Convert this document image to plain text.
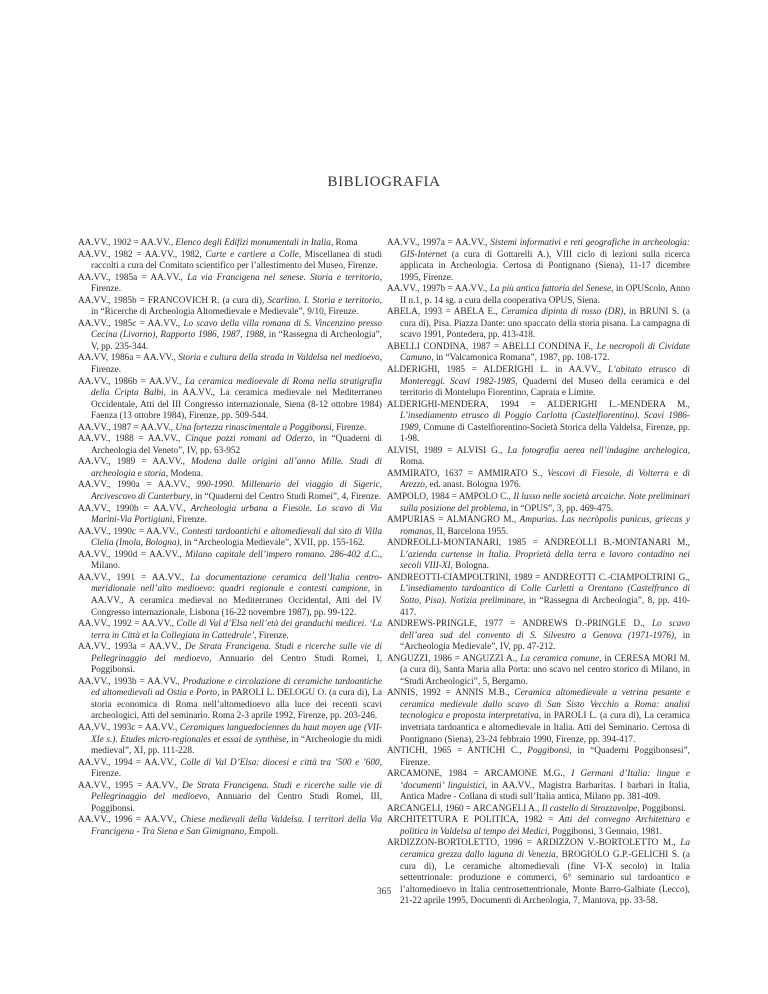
BIBLIOGRAFIA

AA.VV., 1902 = AA.VV., Elenco degli Edifizi monumentali in Italia, Roma

AA.VV., 1982 = AA.VV., 1982, Carte e cartiere a Colle, Miscellanea di studi raccolti a cura del Comitato scientifico per l’allestimento del Museo, Firenze.

AA.VV., 1985a = AA.VV., La via Francigena nel senese. Storia e territorio, Firenze.

AA.VV., 1985b = FRANCOVICH R. (a cura di), Scarlino. I. Storia e territorio, in “Ricerche di Archeologia Altomedievale e Medievale”, 9/10, Firenze.

AA.VV., 1985c = AA.VV., Lo scavo della villa romana di S. Vincenzino presso Cecina (Livorno), Rapporto 1986, 1987, 1988, in “Rassegna di Archeologia”, V, pp. 235-344.

AA.VV, 1986a = AA.VV., Storia e cultura della strada in Valdelsa nel medioevo, Firenze.

AA.VV., 1986b = AA.VV., La ceramica medioevale di Roma nella stratigrafia della Cripta Balbi, in AA.VV., La ceramica medievale nel Mediterraneo Occidentale, Atti del III Congresso internazionale, Siena (8-12 ottobre 1984) Faenza (13 ottobre 1984), Firenze, pp. 509-544.

AA.VV., 1987 = AA.VV., Una fortezza rinascimentale a Poggibonsi, Firenze.

AA.VV., 1988 = AA.VV., Cinque pozzi romani ad Oderzo, in “Quaderni di Archeologia del Veneto”, IV, pp. 63-952

AA.VV., 1989 = AA.VV., Modena dalle origini all’anno Mille. Studi di archeologia e storia, Modena.

AA.VV., 1990a = AA.VV., 990-1990. Millenario del viaggio di Sigeric, Arcivescovo di Canterbury, in “Quaderni del Centro Studi Romei”, 4, Firenze.

AA.VV., 1990b = AA.VV., Archeologia urbana a Fiesole. Lo scavo di Via Marini-Via Portigiani, Firenze.

AA.VV., 1990c = AA.VV., Contesti tardoantichi e altomedievali dal sito di Villa Clelia (Imola, Bologna), in “Archeologia Medievale”, XVII, pp. 155-162.

AA.VV., 1990d = AA.VV., Milano capitale dell’impero romano. 286-402 d.C., Milano.

AA.VV., 1991 = AA.VV., La documentazione ceramica dell’Italia centro-meridionale nell’alto medioevo: quadri regionale e contesti campione, in AA.VV., A ceramica medieval no Mediterraneo Occidental, Atti del IV Congresso internazionale, Lisbona (16-22 novembre 1987), pp. 99-122.

AA.VV., 1992 = AA.VV., Colle di Val d’Elsa nell’età dei granduchi medicei. ‘La terra in Città et la Collegiata in Cattedrale’, Firenze.

AA.VV., 1993a = AA.VV., De Strata Francigena. Studi e ricerche sulle vie di Pellegrinaggio del medioevo, Annuario del Centro Studi Romei, I, Poggibonsi.

AA.VV., 1993b = AA.VV., Produzione e circolazione di ceramiche tardoantiche ed altomedievali ad Ostia e Porto, in PAROLI L. DELOGU O. (a cura di), La storia economica di Roma nell’altomedioevo alla luce dei recenti scavi archeologici, Atti del seminario. Roma 2-3 aprile 1992, Firenze, pp. 203-246.

AA.VV., 1993c = AA.VV., Ceramiques languedociennes du haut moyen age (VII-XIe s.). Etudes micro-regionales et essai de synthèse, in “Archeologie du midi medieval”, XI, pp. 111-228.

AA.VV., 1994 = AA.VV., Colle di Val D’Elsa: diocesi e città tra ’500 e ’600, Firenze.

AA.VV., 1995 = AA.VV., De Strata Francigena. Studi e ricerche sulle vie di Pellegrinaggio del medioevo, Annuario del Centro Studi Romei, III, Poggibonsi.

AA.VV., 1996 = AA.VV., Chiese medievali della Valdelsa. I territori della Via Francigena - Tra Siena e San Gimignano, Empoli.

AA.VV., 1997a = AA.VV., Sistemi informativi e reti geografiche in archeologia: GIS-Internet (a cura di Gottarelli A.), VIII ciclo di lezioni sulla ricerca applicata in Archeologia. Certosa di Pontignano (Siena), 11-17 dicembre 1995, Firenze.

AA.VV., 1997b = AA.VV., La più antica fattoria del Senese, in OPUScolo, Anno II n.1, p. 14 sg. a cura della cooperativa OPUS, Siena.

ABELA, 1993 = ABELA E., Ceramica dipinta di rosso (DR), in BRUNI S. (a cura di), Pisa. Piazza Dante: uno spaccato della storia pisana. La campagna di scavo 1991, Pontedera, pp. 413-418.

ABELLI CONDINA, 1987 = ABELLI CONDINA F., Le necropoli di Cividate Camuno, in “Valcamonica Romana”, 1987, pp. 108-172.

ALDERIGHI, 1985 = ALDERIGHI L. in AA.VV., L’abitato etrusco di Montereggi. Scavi 1982-1985, Quaderni del Museo della ceramica e del territorio di Montelupo Fiorentino, Capraia e Limite.

ALDERIGHI-MENDERA, 1994 = ALDERIGHI L.-MENDERA M., L’insediamento etrusco di Poggio Carlotta (Castelfiorentino). Scavi 1986-1989, Comune di Castelfiorentino-Società Storica della Valdelsa, Firenze, pp. 1-98.

ALVISI, 1989 = ALVISI G., La fotografia aerea nell’indagine archelogica, Roma.

AMMIRATO, 1637 = AMMIRATO S., Vescovi di Fiesole, di Volterra e di Arezzo, ed. anast. Bologna 1976.

AMPOLO, 1984 = AMPOLO C., Il lusso nelle società arcaiche. Note preliminari sulla posizione del problema, in “OPUS”, 3, pp. 469-475.

AMPURIAS = ALMANGRO M., Ampurias. Las necròpolis punicas, griecas y romanas, II, Barcelona 1955.

ANDREOLLI-MONTANARI, 1985 = ANDREOLLI B.-MONTANARI M., L’azienda curtense in Italia. Proprietà della terra e lavoro contadino nei secoli VIII-XI, Bologna.

ANDREOTTI-CIAMPOLTRINI, 1989 = ANDREOTTI C.-CIAMPOLTRINI G., L’insediamento tardoantico di Colle Carletti a Orentano (Castelfranco di Sotto, Pisa). Notizia preliminare, in “Rassegna di Archeologia”, 8, pp. 410-417.

ANDREWS-PRINGLE, 1977 = ANDREWS D.-PRINGLE D., Lo scavo dell’area sud del convento di S. Silvestro a Genova (1971-1976), in “Archeologia Medievale”, IV, pp. 47-212.

ANGUZZI, 1986 = ANGUZZI A., La ceramica comune, in CERESA MORI M. (a cura di), Santa Maria alla Porta: uno scavo nel centro storico di Milano, in “Studi Archeologici”, 5, Bergamo.

ANNIS, 1992 = ANNIS M.B., Ceramica altomedievale a vetrina pesante e ceramica medievale dallo scavo di San Sisto Vecchio a Roma: analisi tecnologica e proposta interpretativa, in PAROLI L. (a cura di), La ceramica invetriata tardoantica e altomedievale in Italia. Atti del Seminario. Certosa di Pontignano (Siena), 23-24 febbraio 1990, Firenze, pp. 394-417.

ANTICHI, 1965 = ANTICHI C., Poggibonsi, in “Quaderni Poggibonsesi”, Firenze.

ARCAMONE, 1984 = ARCAMONE M.G., I Germani d’Italia: lingue e ‘documenti’ linguistici, in AA.VV., Magistra Barbaritas. I barbari in Italia, Antica Madre - Collana di studi sull’Italia antica, Milano pp. 381-409.

ARCANGELI, 1960 = ARCANGELI A., Il castello di Strozzavolpe, Poggibonsi.

ARCHITETTURA E POLITICA, 1982 = Atti del convegno Architettura e politica in Valdelsa al tempo dei Medici, Poggibonsi, 3 Gennaio, 1981.

ARDIZZON-BORTOLETTO, 1996 = ARDIZZON V.-BORTOLETTO M., La ceramica grezza dallo laguna di Venezia, BROGIOLO G.P.-GELICHI S. (a cura di), Le ceramiche altomedievali (fine VI-X secolo) in Italia settentrionale: produzione e commerci, 6° seminario sul tardoantico e l’altomedioevo in Italia centrosettentrionale, Monte Barro-Galbiate (Lecco), 21-22 aprile 1995, Documenti di Archeologia, 7, Mantova, pp. 33-58.

365
